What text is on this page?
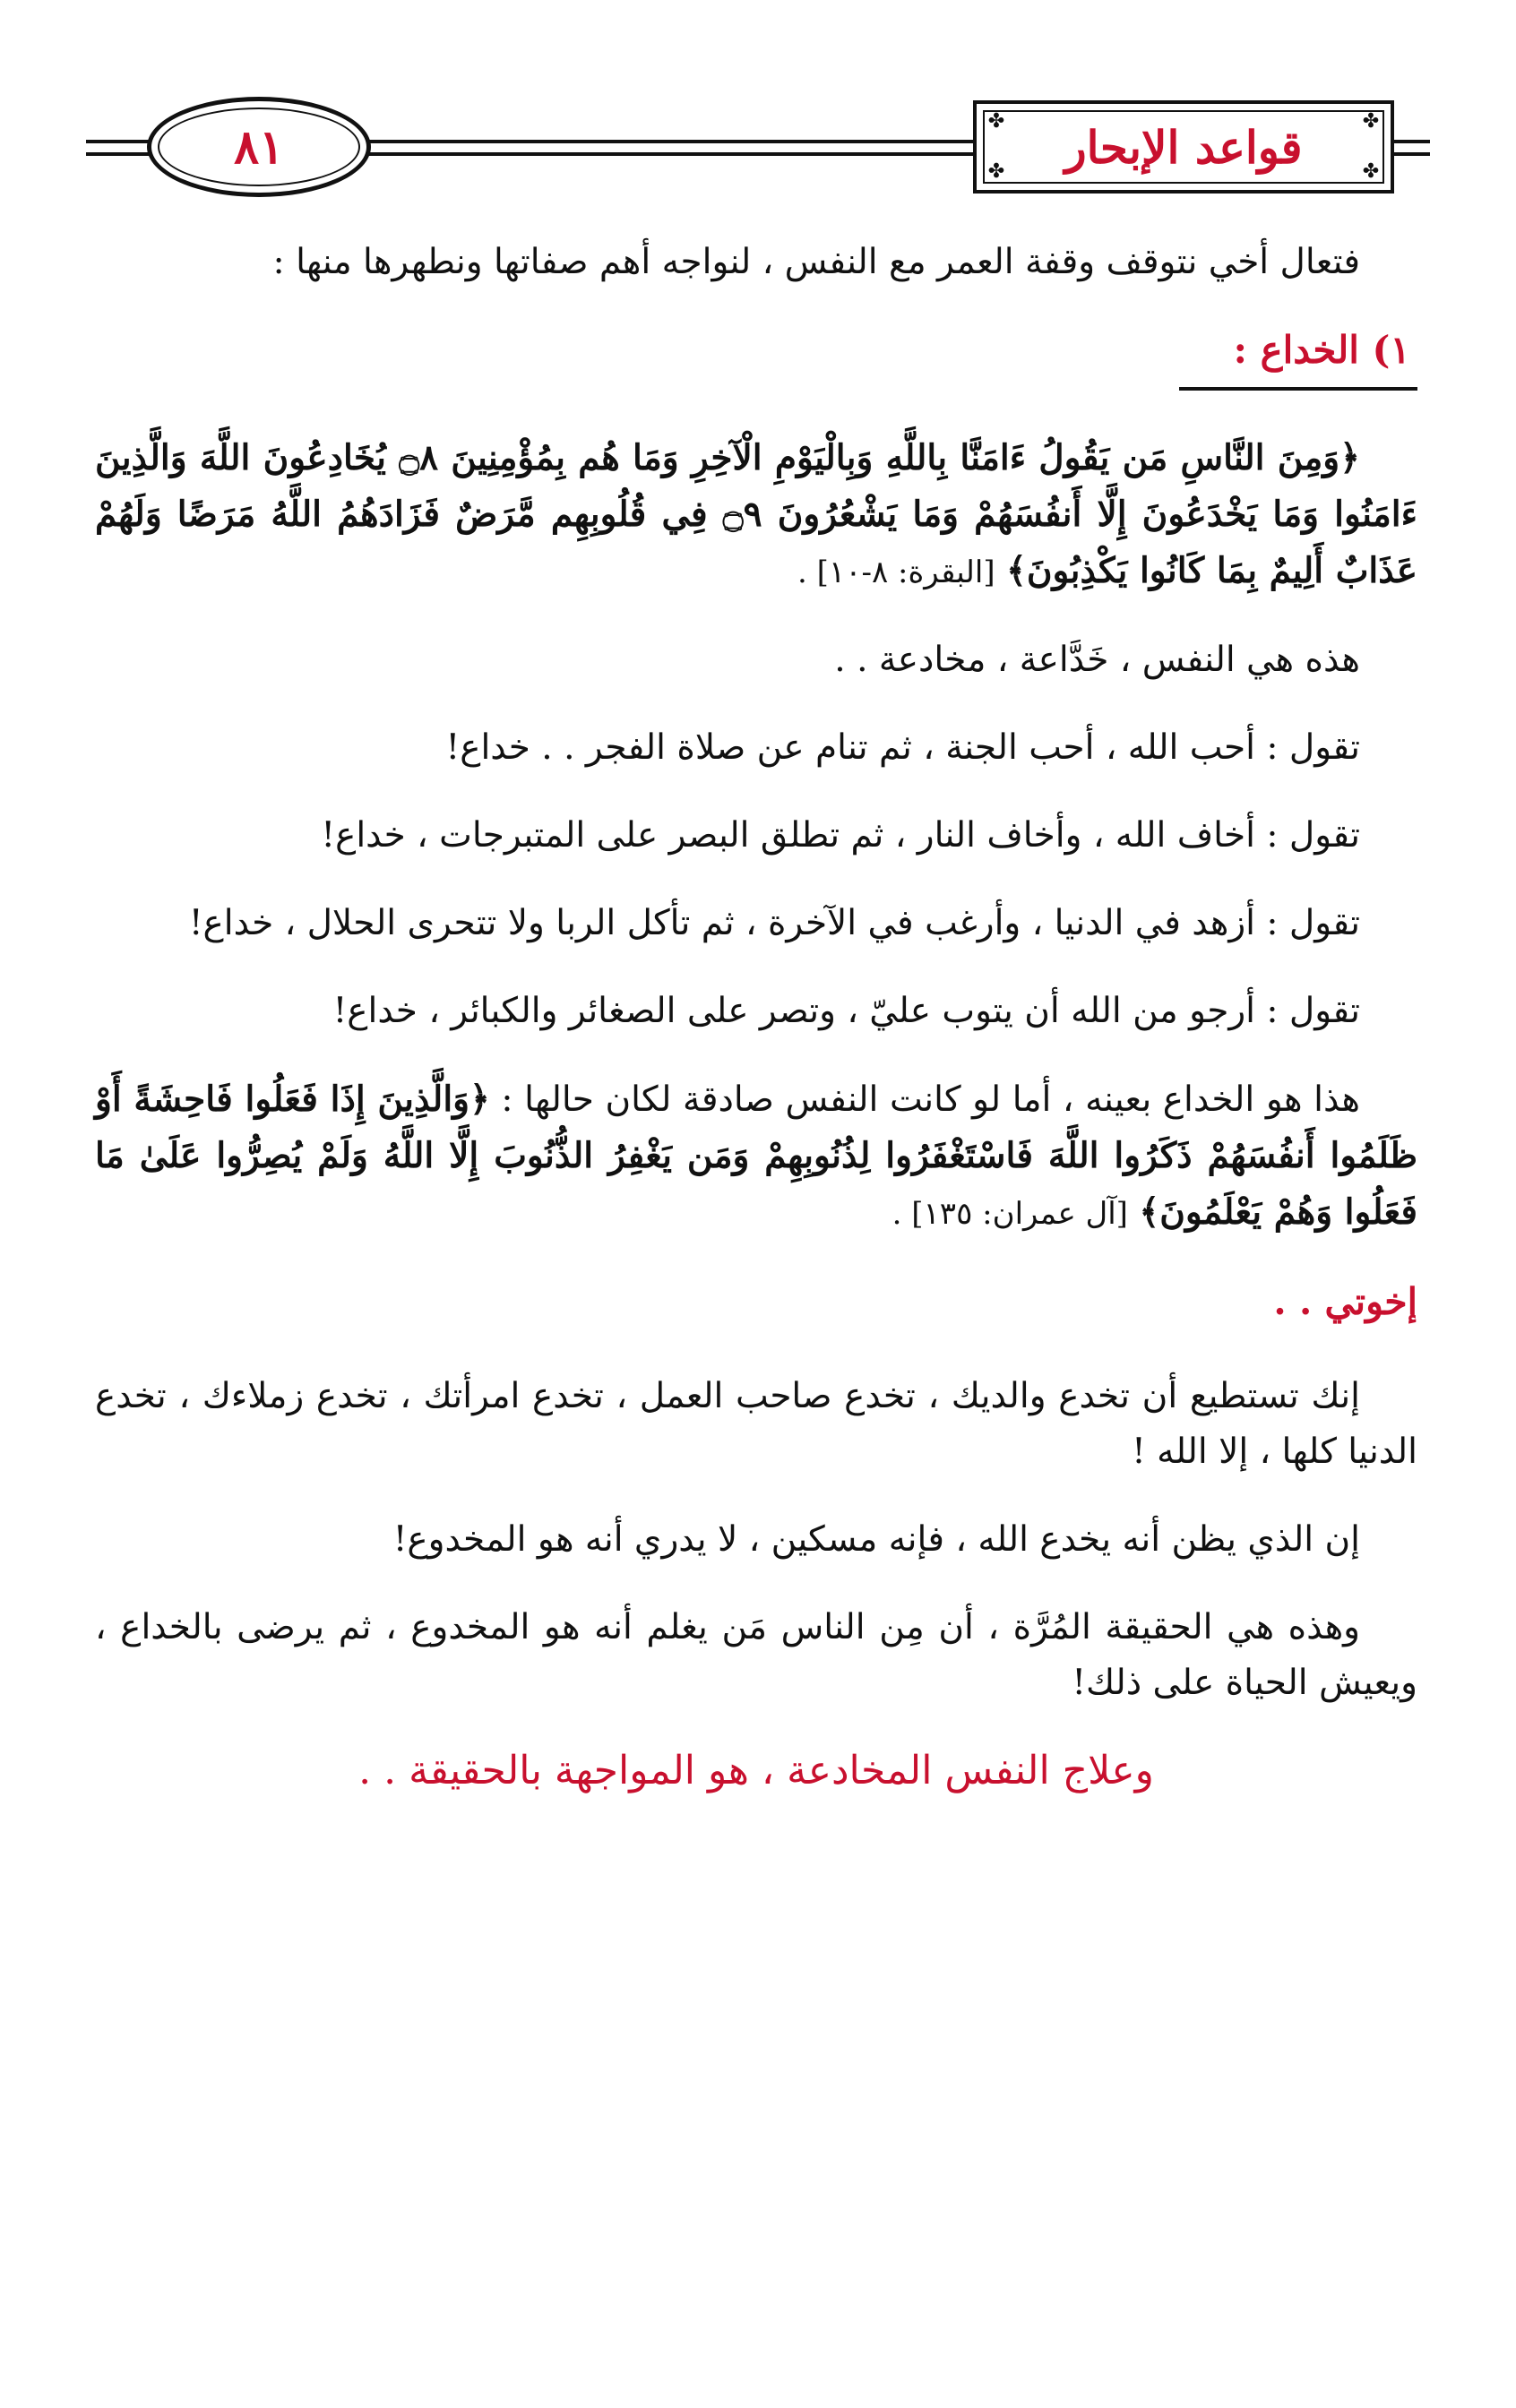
✤	✤
✤	✤
قواعد الإبحار
٨١

فتعال أخي نتوقف وقفة العمر مع النفس ، لنواجه أهم صفاتها ونطهرها منها :

١) الخداع :

﴿وَمِنَ النَّاسِ مَن يَقُولُ ءَامَنَّا بِاللَّهِ وَبِالْيَوْمِ الْآخِرِ وَمَا هُم بِمُؤْمِنِينَ ۝٨ يُخَادِعُونَ اللَّهَ وَالَّذِينَ ءَامَنُوا وَمَا يَخْدَعُونَ إِلَّا أَنفُسَهُمْ وَمَا يَشْعُرُونَ ۝٩ فِي قُلُوبِهِم مَّرَضٌ فَزَادَهُمُ اللَّهُ مَرَضًا وَلَهُمْ عَذَابٌ أَلِيمٌ بِمَا كَانُوا يَكْذِبُونَ﴾ [البقرة: ٨-١٠] .

هذه هي النفس ، خَدَّاعة ، مخادعة . .

تقول : أحب الله ، أحب الجنة ، ثم تنام عن صلاة الفجر . . خداع!

تقول : أخاف الله ، وأخاف النار ، ثم تطلق البصر على المتبرجات ، خداع!

تقول : أزهد في الدنيا ، وأرغب في الآخرة ، ثم تأكل الربا ولا تتحرى الحلال ، خداع!

تقول : أرجو من الله أن يتوب عليّ ، وتصر على الصغائر والكبائر ، خداع!

هذا هو الخداع بعينه ، أما لو كانت النفس صادقة لكان حالها : ﴿وَالَّذِينَ إِذَا فَعَلُوا فَاحِشَةً أَوْ ظَلَمُوا أَنفُسَهُمْ ذَكَرُوا اللَّهَ فَاسْتَغْفَرُوا لِذُنُوبِهِمْ وَمَن يَغْفِرُ الذُّنُوبَ إِلَّا اللَّهُ وَلَمْ يُصِرُّوا عَلَىٰ مَا فَعَلُوا وَهُمْ يَعْلَمُونَ﴾ [آل عمران: ١٣٥] .

إخوتي . .

إنك تستطيع أن تخدع والديك ، تخدع صاحب العمل ، تخدع امرأتك ، تخدع زملاءك ، تخدع الدنيا كلها ، إلا الله !

إن الذي يظن أنه يخدع الله ، فإنه مسكين ، لا يدري أنه هو المخدوع!

وهذه هي الحقيقة المُرَّة ، أن مِن الناس مَن يغلم أنه هو المخدوع ، ثم يرضى بالخداع ، ويعيش الحياة على ذلك!

وعلاج النفس المخادعة ، هو المواجهة بالحقيقة . .
